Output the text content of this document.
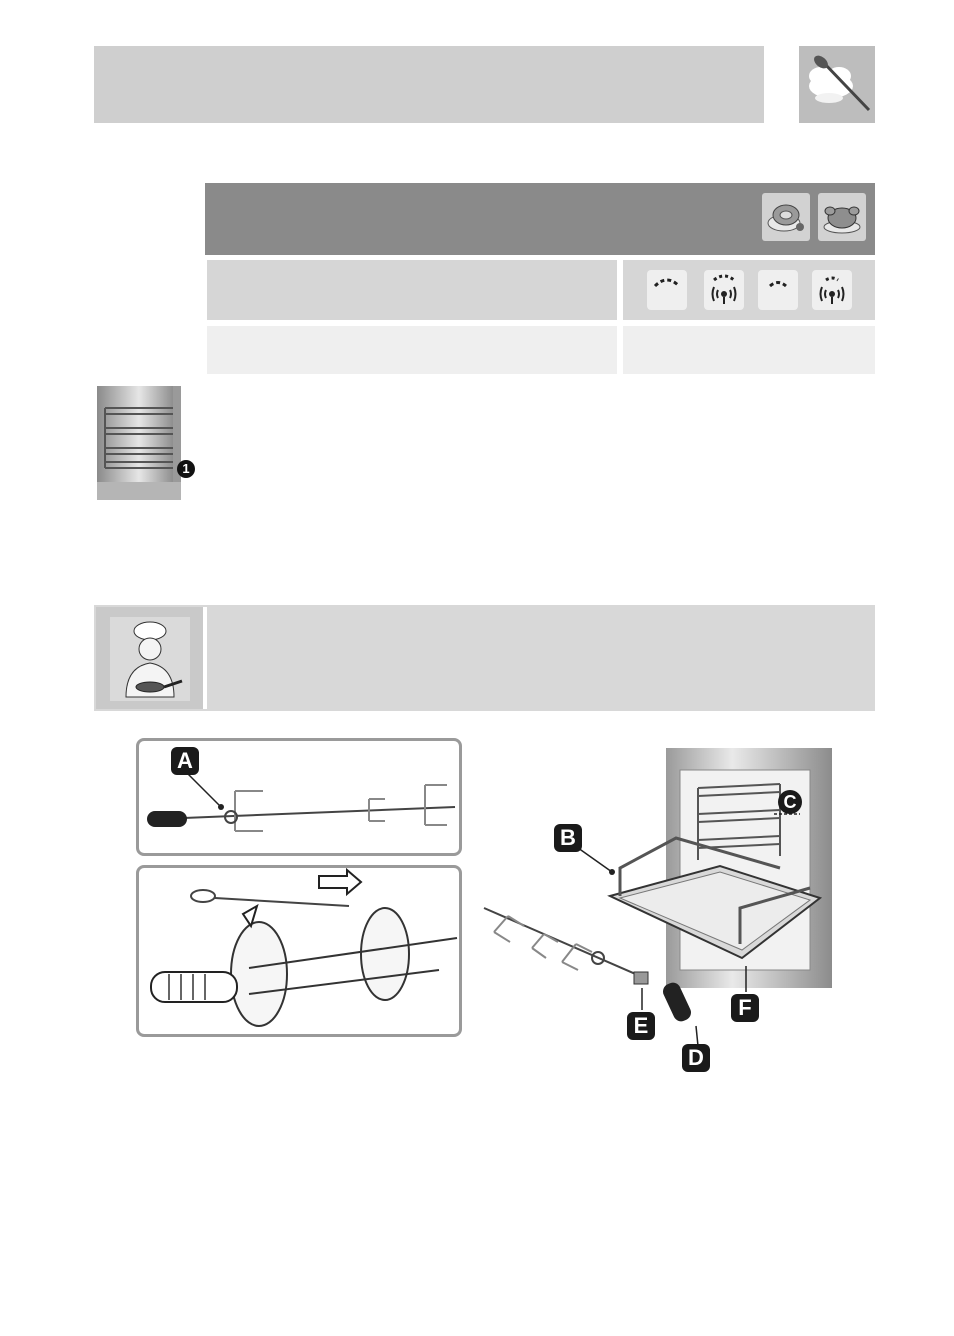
1
A
B
C
D
E
F
